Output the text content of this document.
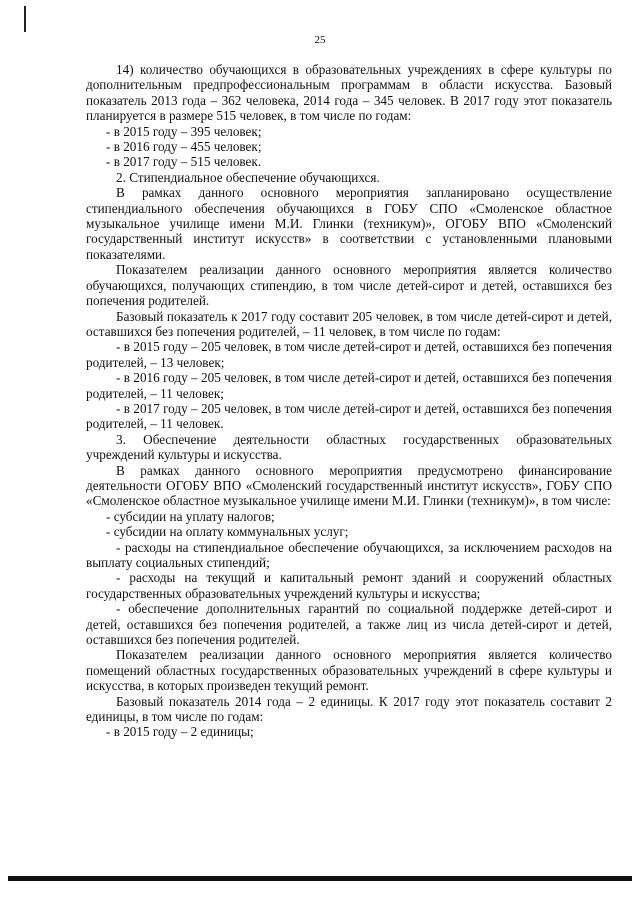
25

14) количество обучающихся в образовательных учреждениях в сфере культуры по дополнительным предпрофессиональным программам в области искусства. Базовый показатель 2013 года – 362 человека, 2014 года – 345 человек. В 2017 году этот показатель планируется в размере 515 человек, в том числе по годам:

- в 2015 году – 395 человек;

- в 2016 году – 455 человек;

- в 2017 году – 515 человек.

2. Стипендиальное обеспечение обучающихся.

В рамках данного основного мероприятия запланировано осуществление стипендиального обеспечения обучающихся в ГОБУ СПО «Смоленское областное музыкальное училище имени М.И. Глинки (техникум)», ОГОБУ ВПО «Смоленский государственный институт искусств» в соответствии с установленными плановыми показателями.

Показателем реализации данного основного мероприятия является количество обучающихся, получающих стипендию, в том числе детей-сирот и детей, оставшихся без попечения родителей.

Базовый показатель к 2017 году составит 205 человек, в том числе детей-сирот и детей, оставшихся без попечения родителей, – 11 человек, в том числе по годам:

- в 2015 году – 205 человек, в том числе детей-сирот и детей, оставшихся без попечения родителей, – 13 человек;

- в 2016 году – 205 человек, в том числе детей-сирот и детей, оставшихся без попечения родителей, – 11 человек;

- в 2017 году – 205 человек, в том числе детей-сирот и детей, оставшихся без попечения родителей, – 11 человек.

3. Обеспечение деятельности областных государственных образовательных учреждений культуры и искусства.

В рамках данного основного мероприятия предусмотрено финансирование деятельности ОГОБУ ВПО «Смоленский государственный институт искусств», ГОБУ СПО «Смоленское областное музыкальное училище имени М.И. Глинки (техникум)», в том числе:

- субсидии на уплату налогов;

- субсидии на оплату коммунальных услуг;

- расходы на стипендиальное обеспечение обучающихся, за исключением расходов на выплату социальных стипендий;

- расходы на текущий и капитальный ремонт зданий и сооружений областных государственных образовательных учреждений культуры и искусства;

- обеспечение дополнительных гарантий по социальной поддержке детей-сирот и детей, оставшихся без попечения родителей, а также лиц из числа детей-сирот и детей, оставшихся без попечения родителей.

Показателем реализации данного основного мероприятия является количество помещений областных государственных образовательных учреждений в сфере культуры и искусства, в которых произведен текущий ремонт.

Базовый показатель 2014 года – 2 единицы. К 2017 году этот показатель составит 2 единицы, в том числе по годам:

- в 2015 году – 2 единицы;
